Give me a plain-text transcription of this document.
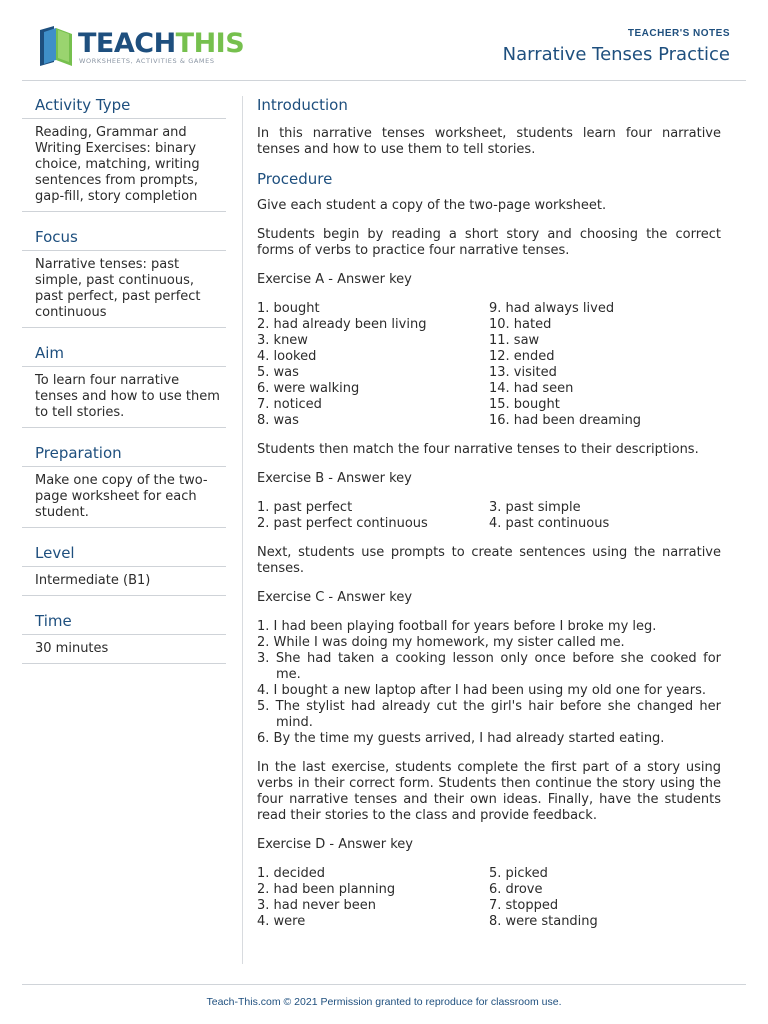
TEACHTHIS
WORKSHEETS, ACTIVITIES & GAMES
TEACHER'S NOTES
Narrative Tenses Practice
Activity Type
Reading, Grammar and Writing Exercises: binary choice, matching, writing sentences from prompts, gap-fill, story completion
Focus
Narrative tenses: past simple, past continuous, past perfect, past perfect continuous
Aim
To learn four narrative tenses and how to use them to tell stories.
Preparation
Make one copy of the two-page worksheet for each student.
Level
Intermediate (B1)
Time
30 minutes
Introduction

In this narrative tenses worksheet, students learn four narrative tenses and how to use them to tell stories.

Procedure

Give each student a copy of the two-page worksheet.

Students begin by reading a short story and choosing the correct forms of verbs to practice four narrative tenses.

Exercise A - Answer key

1. bought
2. had already been living
3. knew
4. looked
5. was
6. were walking
7. noticed
8. was
9. had always lived
10. hated
11. saw
12. ended
13. visited
14. had seen
15. bought
16. had been dreaming

Students then match the four narrative tenses to their descriptions.

Exercise B - Answer key

1. past perfect
2. past perfect continuous
3. past simple
4. past continuous

Next, students use prompts to create sentences using the narrative tenses.

Exercise C - Answer key

1. I had been playing football for years before I broke my leg.
2. While I was doing my homework, my sister called me.
3. She had taken a cooking lesson only once before she cooked for me.
4. I bought a new laptop after I had been using my old one for years.
5. The stylist had already cut the girl's hair before she changed her mind.
6. By the time my guests arrived, I had already started eating.

In the last exercise, students complete the first part of a story using verbs in their correct form. Students then continue the story using the four narrative tenses and their own ideas. Finally, have the students read their stories to the class and provide feedback.

Exercise D - Answer key

1. decided
2. had been planning
3. had never been
4. were
5. picked
6. drove
7. stopped
8. were standing
Teach-This.com © 2021 Permission granted to reproduce for classroom use.
